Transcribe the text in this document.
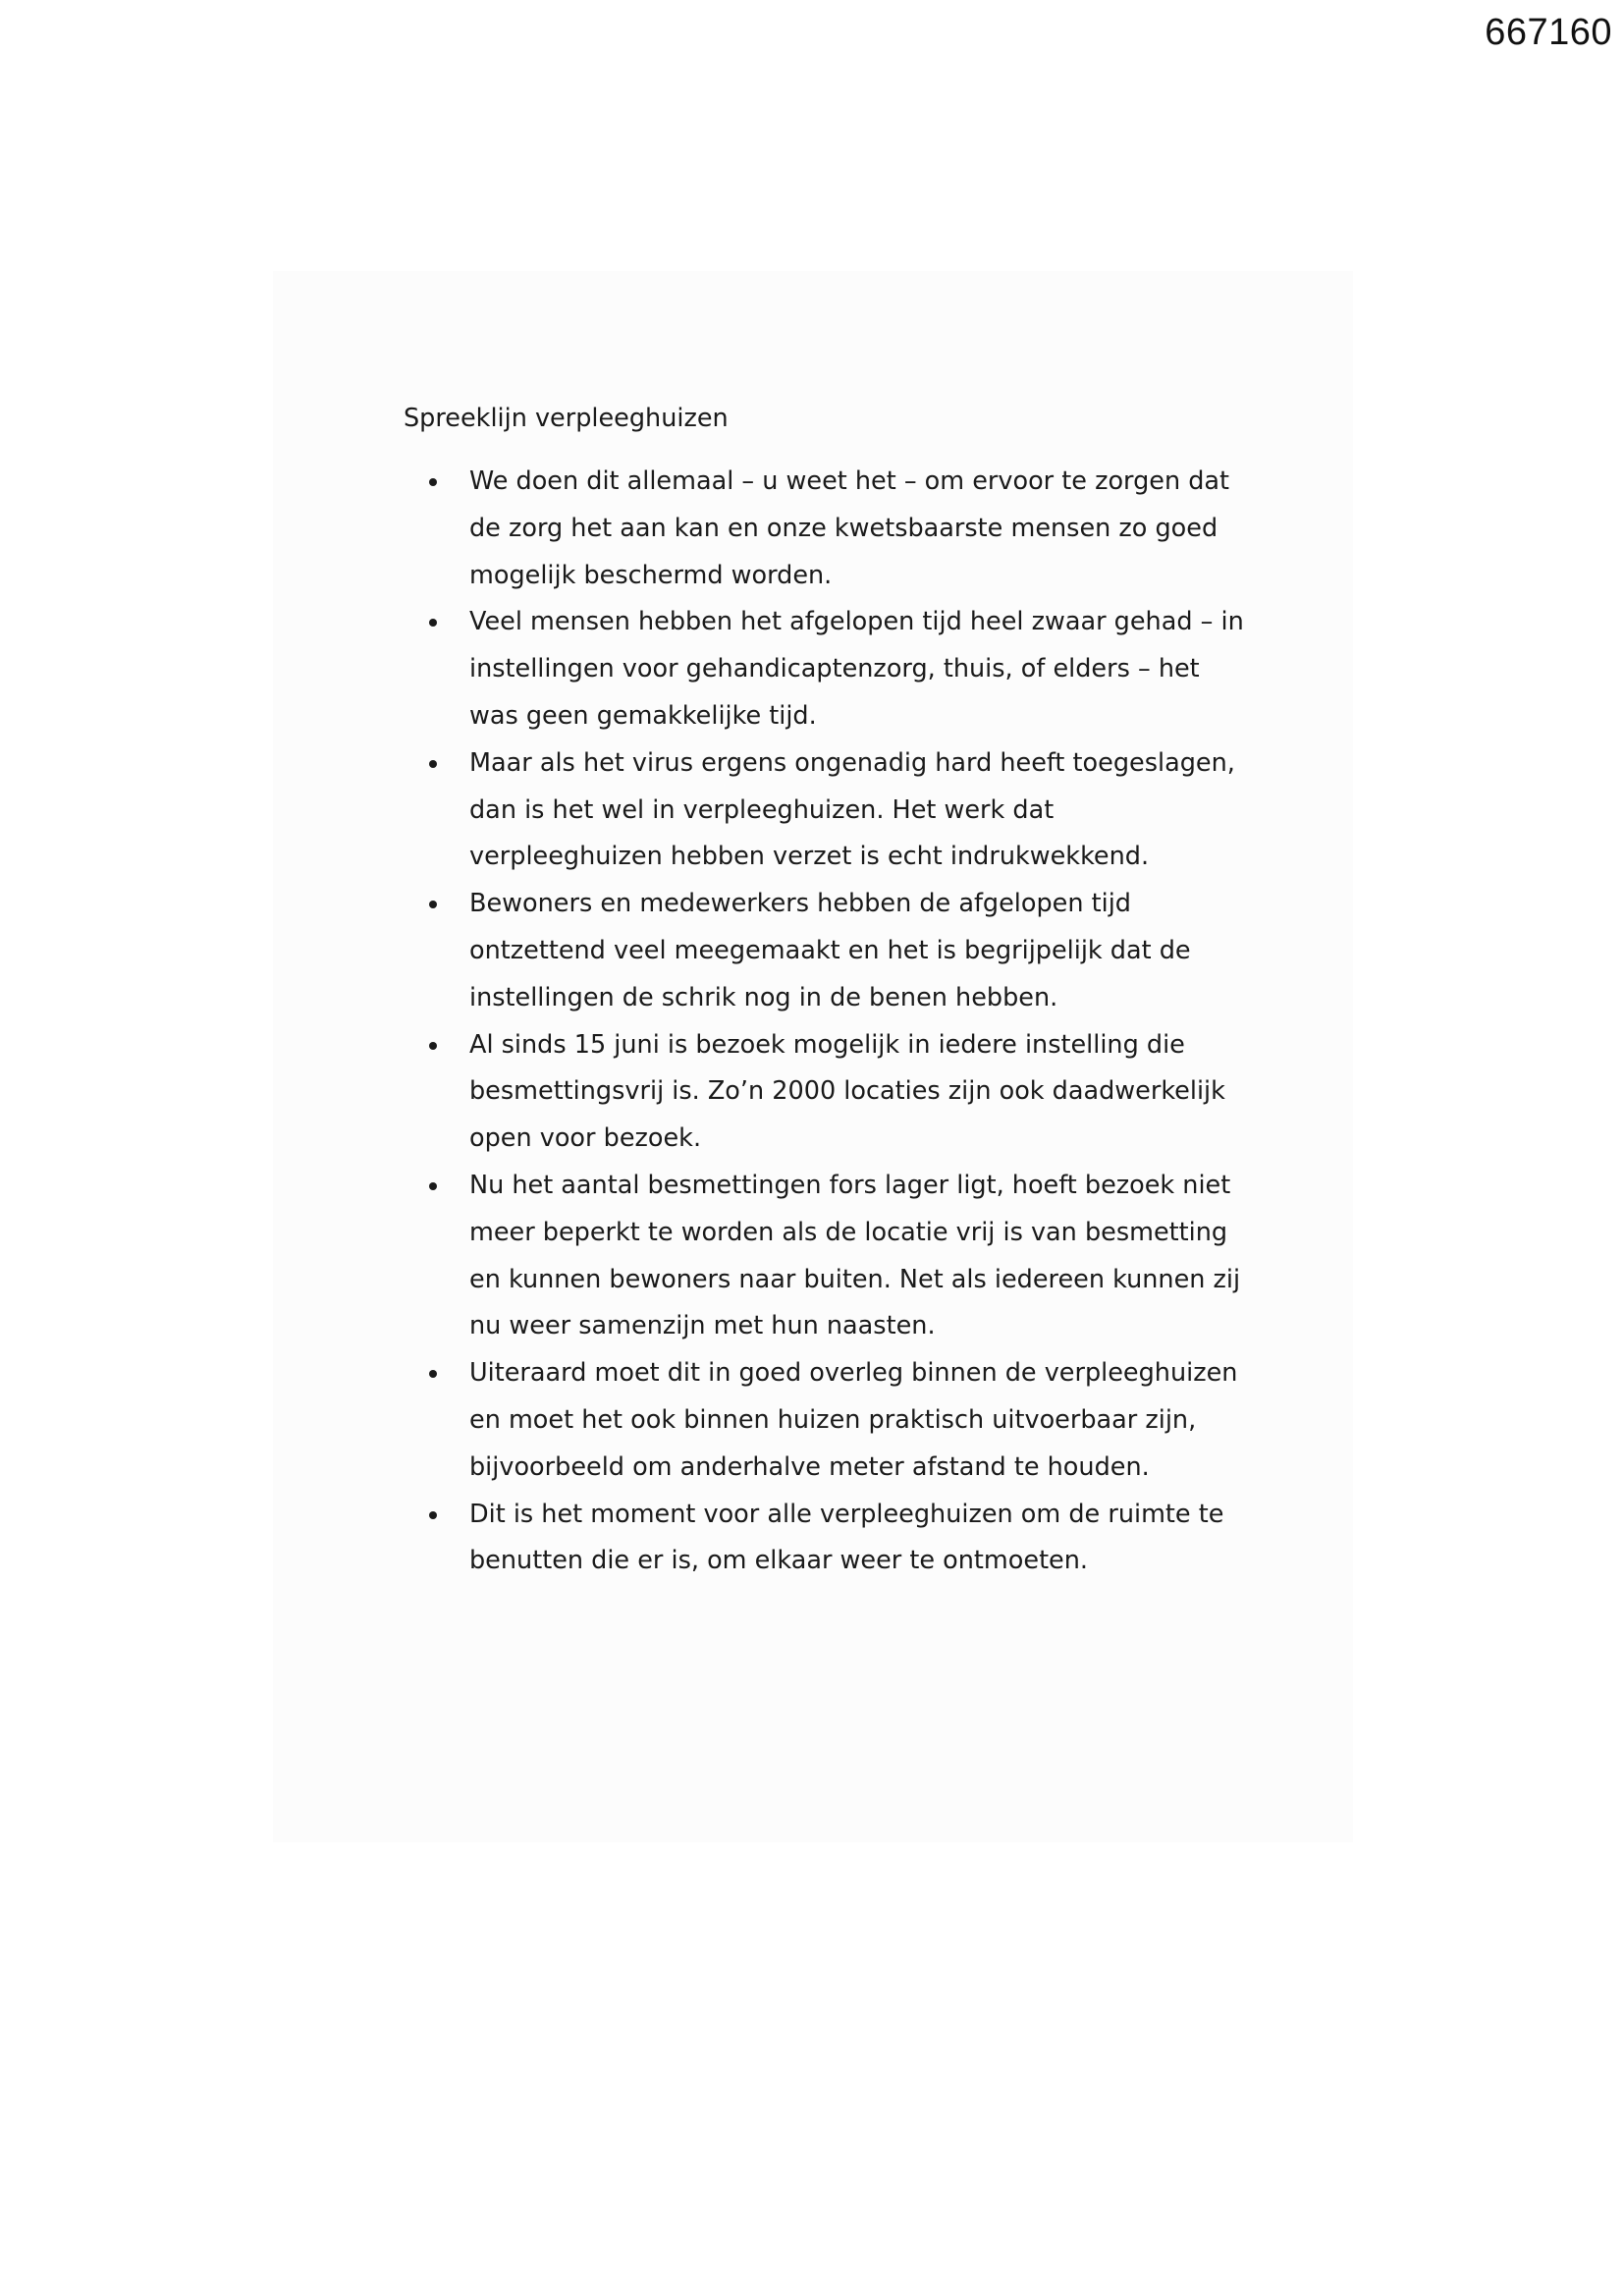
667160
Spreeklijn verpleeghuizen
We doen dit allemaal – u weet het – om ervoor te zorgen dat de zorg het aan kan en onze kwetsbaarste mensen zo goed mogelijk beschermd worden.
Veel mensen hebben het afgelopen tijd heel zwaar gehad – in instellingen voor gehandicaptenzorg, thuis, of elders – het was geen gemakkelijke tijd.
Maar als het virus ergens ongenadig hard heeft toegeslagen, dan is het wel in verpleeghuizen. Het werk dat verpleeghuizen hebben verzet is echt indrukwekkend.
Bewoners en medewerkers hebben de afgelopen tijd ontzettend veel meegemaakt en het is begrijpelijk dat de instellingen de schrik nog in de benen hebben.
Al sinds 15 juni is bezoek mogelijk in iedere instelling die besmettingsvrij is. Zo’n 2000 locaties zijn ook daadwerkelijk open voor bezoek.
Nu het aantal besmettingen fors lager ligt, hoeft bezoek niet meer beperkt te worden als de locatie vrij is van besmetting en kunnen bewoners naar buiten. Net als iedereen kunnen zij nu weer samenzijn met hun naasten.
Uiteraard moet dit in goed overleg binnen de verpleeghuizen en moet het ook binnen huizen praktisch uitvoerbaar zijn, bijvoorbeeld om anderhalve meter afstand te houden.
Dit is het moment voor alle verpleeghuizen om de ruimte te benutten die er is, om elkaar weer te ontmoeten.
